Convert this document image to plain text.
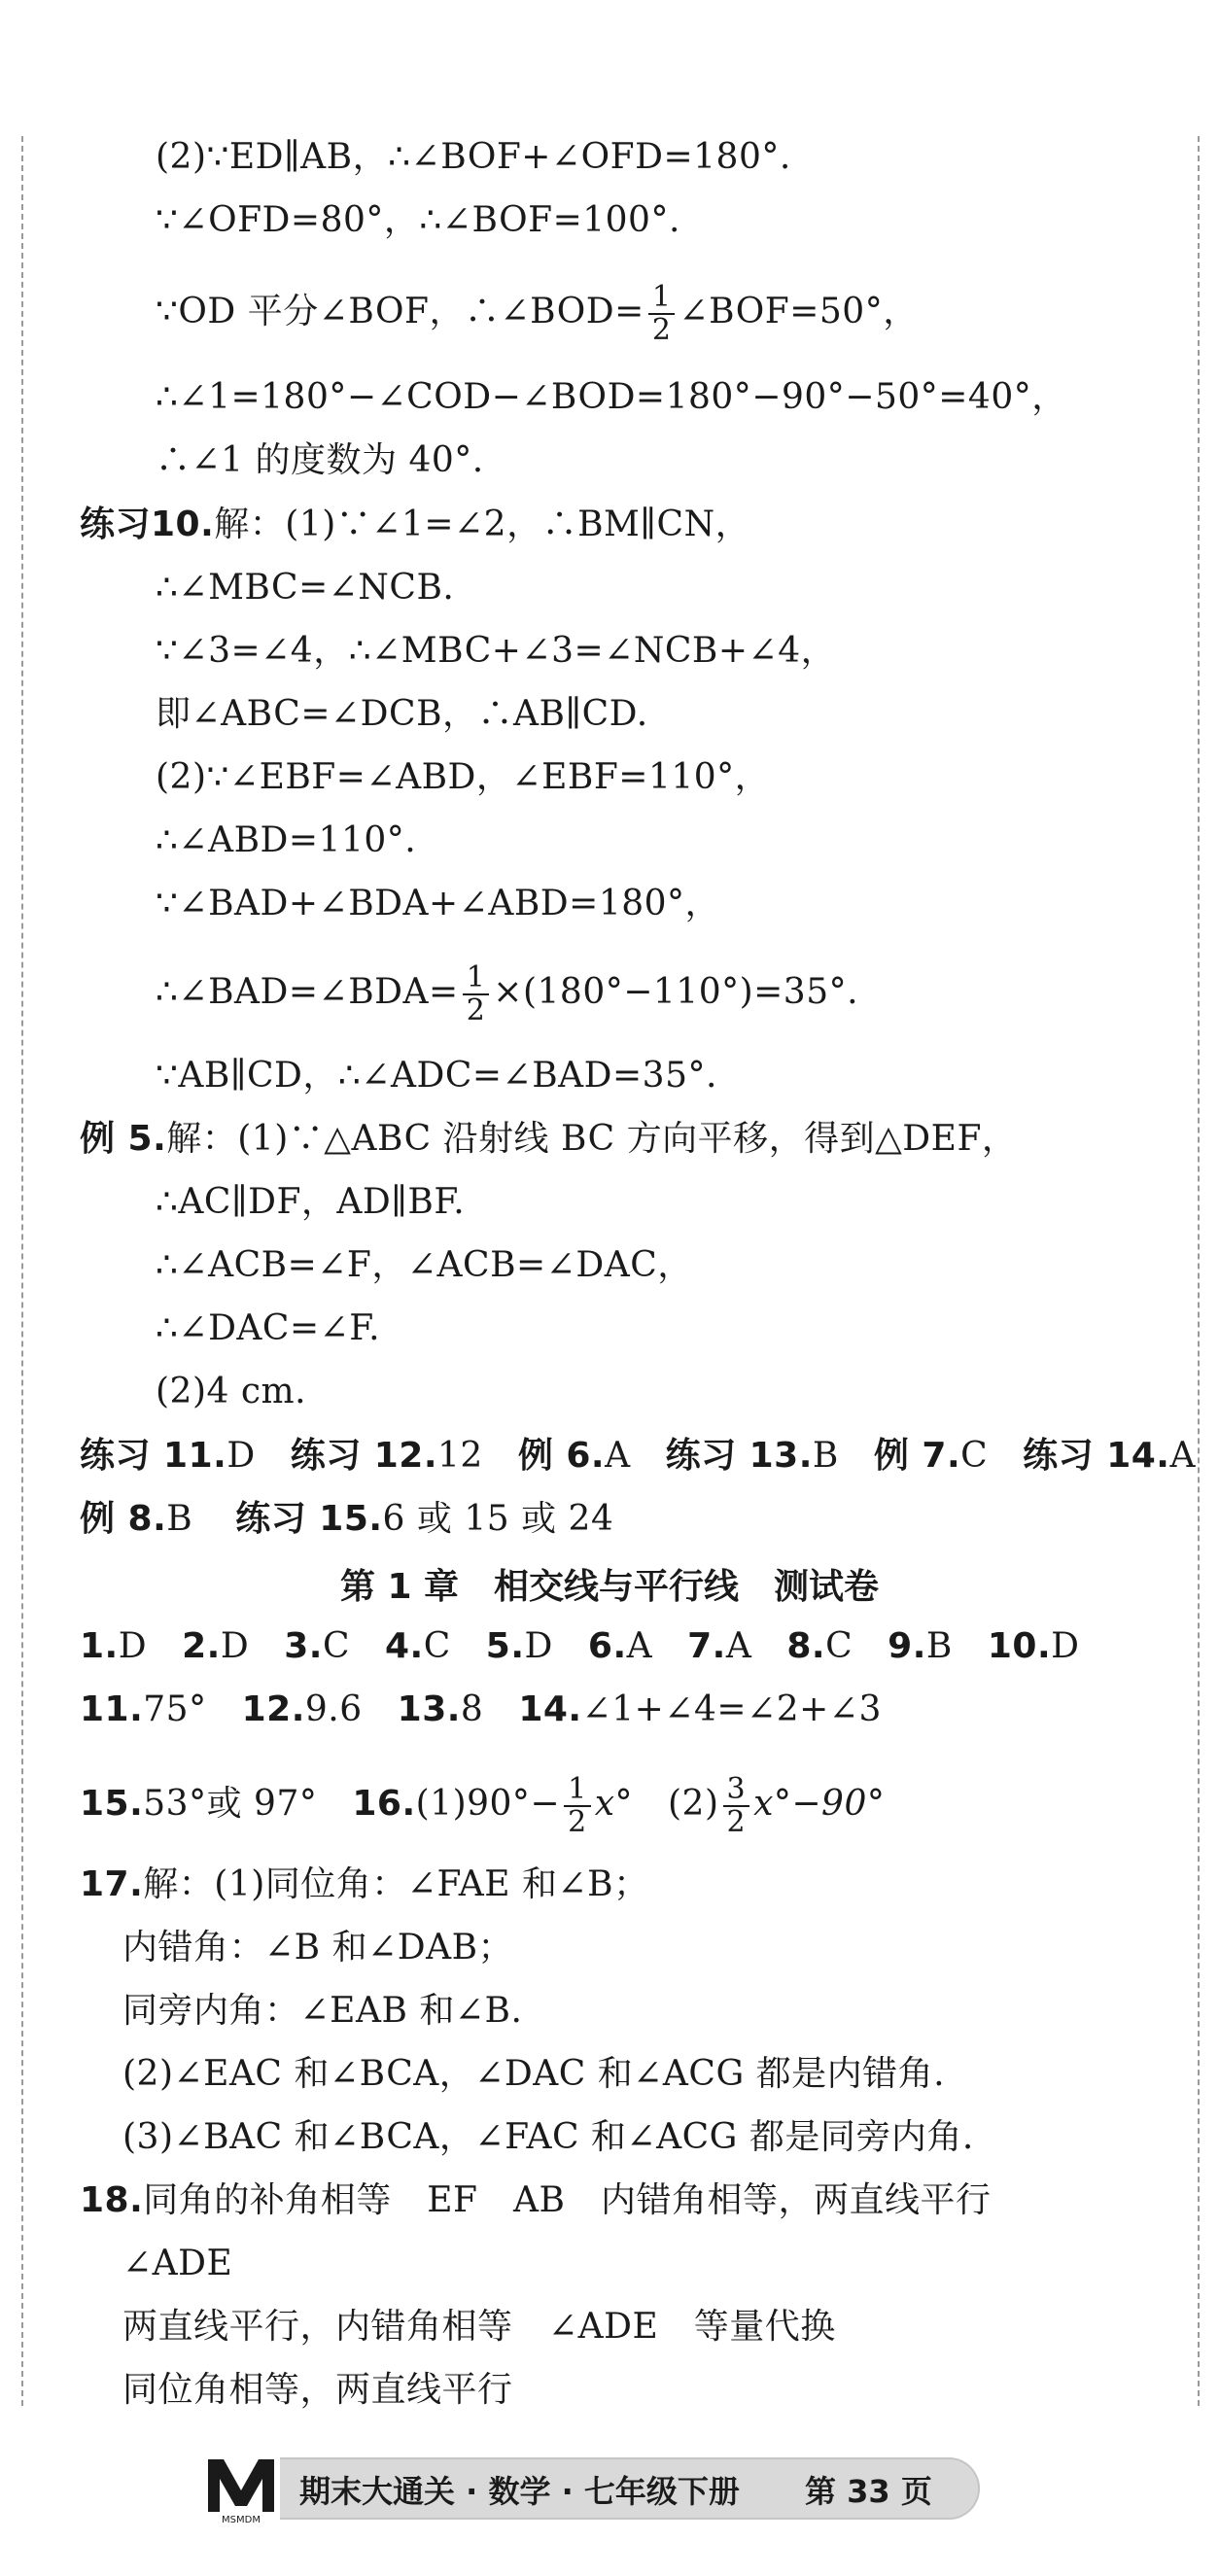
(2)∵ED∥AB，∴∠BOF+∠OFD=180°.
∵∠OFD=80°，∴∠BOF=100°.
∵OD 平分∠BOF，∴∠BOD= $\frac{1}{2}$ ∠BOF=50°，
∴∠1=180°−∠COD−∠BOD=180°−90°−50°=40°，
∴∠1 的度数为 40°.
练习10.解：(1)∵∠1=∠2，∴BM∥CN，
∴∠MBC=∠NCB.
∵∠3=∠4，∴∠MBC+∠3=∠NCB+∠4，
即∠ABC=∠DCB，∴AB∥CD.
(2)∵∠EBF=∠ABD，∠EBF=110°，
∴∠ABD=110°.
∵∠BAD+∠BDA+∠ABD=180°，
∴∠BAD=∠BDA= $\frac{1}{2} \times(180^\circ-110^\circ)=35^\circ$.
∵AB∥CD，∴∠ADC=∠BAD=35°.
例 5.解：(1)∵△ABC 沿射线 BC 方向平移，得到△DEF，
∴AC∥DF，AD∥BF.
∴∠ACB=∠F，∠ACB=∠DAC，
∴∠DAC=∠F.
(2)4 cm.
练习 11.D 练习 12.12 例 6.A 练习 13.B 例 7.C 练习 14.A
例 8.B 练习 15.6 或 15 或 24
第 1 章　相交线与平行线　测试卷
1.D 2.D 3.C 4.C 5.D 6.A 7.A 8.C 9.B 10.D
11.75° 12.9.6 13.8 14.∠1+∠4=∠2+∠3
15.53°或 97° $16.(1)90^\circ- \frac{1}{2} x^\circ$ $(2) \frac{3}{2} x^\circ-90^\circ$
17.解：(1)同位角：∠FAE 和∠B；
内错角：∠B 和∠DAB；
同旁内角：∠EAB 和∠B.
(2)∠EAC 和∠BCA，∠DAC 和∠ACG 都是内错角.
(3)∠BAC 和∠BCA，∠FAC 和∠ACG 都是同旁内角.
18.同角的补角相等　EF　AB　内错角相等，两直线平行
∠ADE
两直线平行，内错角相等　∠ADE　等量代换
同位角相等，两直线平行
MSMDM
期末大通关 · 数学 · 七年级下册 第 33 页
